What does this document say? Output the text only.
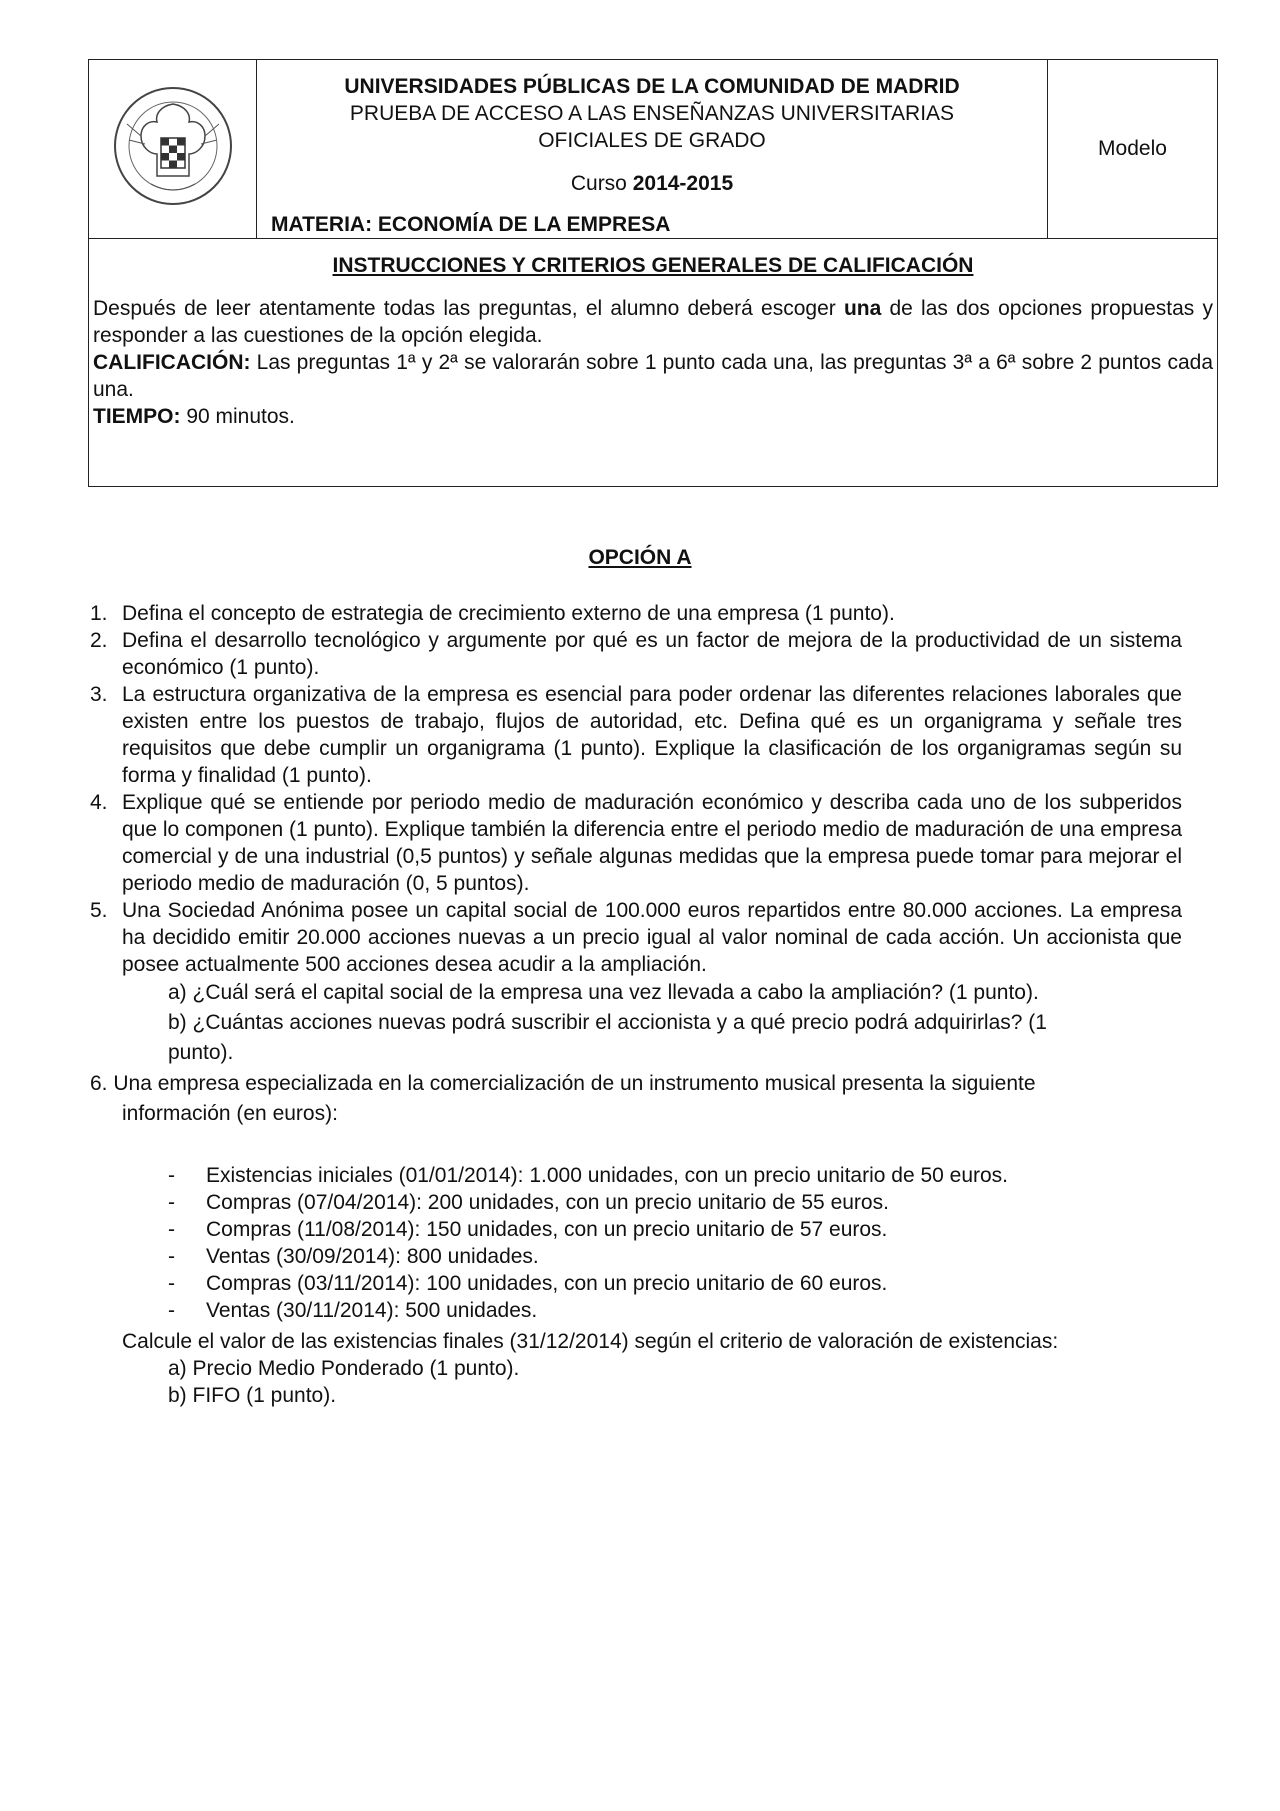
UNIVERSIDADES PÚBLICAS DE LA COMUNIDAD DE MADRID
PRUEBA DE ACCESO A LAS ENSEÑANZAS UNIVERSITARIAS
OFICIALES DE GRADO
Curso 2014-2015
MATERIA: ECONOMÍA DE LA EMPRESA
Modelo
INSTRUCCIONES Y CRITERIOS GENERALES DE CALIFICACIÓN

Después de leer atentamente todas las preguntas, el alumno deberá escoger una de las dos opciones propuestas y responder a las cuestiones de la opción elegida.

CALIFICACIÓN: Las preguntas 1ª y 2ª se valorarán sobre 1 punto cada una, las preguntas 3ª a 6ª sobre 2 puntos cada una.

TIEMPO: 90 minutos.

OPCIÓN A
1. Defina el concepto de estrategia de crecimiento externo de una empresa (1 punto).

2. Defina el desarrollo tecnológico y argumente por qué es un factor de mejora de la productividad de un sistema económico (1 punto).

3. La estructura organizativa de la empresa es esencial para poder ordenar las diferentes relaciones laborales que existen entre los puestos de trabajo, flujos de autoridad, etc. Defina qué es un organigrama y señale tres requisitos que debe cumplir un organigrama (1 punto). Explique la clasificación de los organigramas según su forma y finalidad (1 punto).

4. Explique qué se entiende por periodo medio de maduración económico y describa cada uno de los subperidos que lo componen (1 punto). Explique también la diferencia entre el periodo medio de maduración de una empresa comercial y de una industrial (0,5 puntos) y señale algunas medidas que la empresa puede tomar para mejorar el periodo medio de maduración (0, 5 puntos).

5. Una Sociedad Anónima posee un capital social de 100.000 euros repartidos entre 80.000 acciones. La empresa ha decidido emitir 20.000 acciones nuevas a un precio igual al valor nominal de cada acción. Un accionista que posee actualmente 500 acciones desea acudir a la ampliación.

a) ¿Cuál será el capital social de la empresa una vez llevada a cabo la ampliación? (1 punto).
b) ¿Cuántas acciones nuevas podrá suscribir el accionista y a qué precio podrá adquirirlas? (1
punto).
6. Una empresa especializada en la comercialización de un instrumento musical presenta la siguiente
información (en euros):
- Existencias iniciales (01/01/2014): 1.000 unidades, con un precio unitario de 50 euros.
- Compras (07/04/2014): 200 unidades, con un precio unitario de 55 euros.
- Compras (11/08/2014): 150 unidades, con un precio unitario de 57 euros.
- Ventas (30/09/2014): 800 unidades.
- Compras (03/11/2014): 100 unidades, con un precio unitario de 60 euros.
- Ventas (30/11/2014): 500 unidades.
Calcule el valor de las existencias finales (31/12/2014) según el criterio de valoración de existencias:
a) Precio Medio Ponderado (1 punto).
b) FIFO (1 punto).
